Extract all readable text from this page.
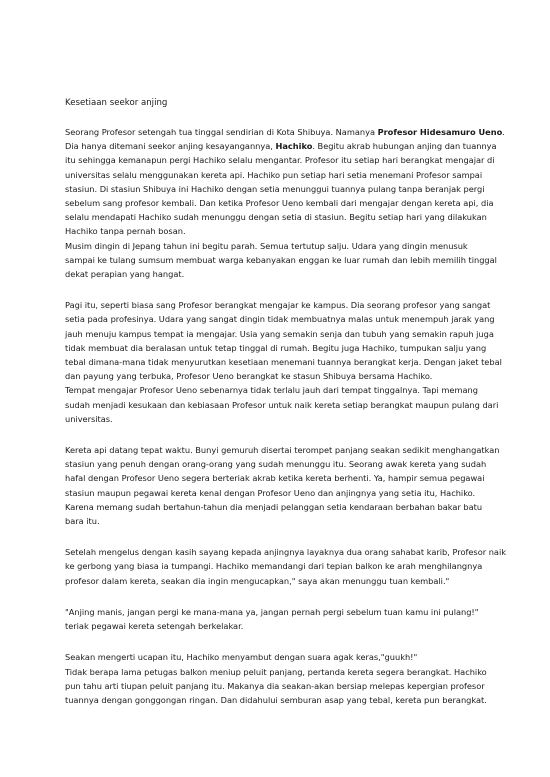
Kesetiaan seekor anjing

Seorang Profesor setengah tua tinggal sendirian di Kota Shibuya. Namanya Profesor Hidesamuro Ueno.
Dia hanya ditemani seekor anjing kesayangannya, Hachiko. Begitu akrab hubungan anjing dan tuannya
itu sehingga kemanapun pergi Hachiko selalu mengantar. Profesor itu setiap hari berangkat mengajar di
universitas selalu menggunakan kereta api. Hachiko pun setiap hari setia menemani Profesor sampai
stasiun. Di stasiun Shibuya ini Hachiko dengan setia menunggui tuannya pulang tanpa beranjak pergi
sebelum sang profesor kembali. Dan ketika Profesor Ueno kembali dari mengajar dengan kereta api, dia
selalu mendapati Hachiko sudah menunggu dengan setia di stasiun. Begitu setiap hari yang dilakukan
Hachiko tanpa pernah bosan.
Musim dingin di Jepang tahun ini begitu parah. Semua tertutup salju. Udara yang dingin menusuk
sampai ke tulang sumsum membuat warga kebanyakan enggan ke luar rumah dan lebih memilih tinggal
dekat perapian yang hangat.

Pagi itu, seperti biasa sang Profesor berangkat mengajar ke kampus. Dia seorang profesor yang sangat
setia pada profesinya. Udara yang sangat dingin tidak membuatnya malas untuk menempuh jarak yang
jauh menuju kampus tempat ia mengajar. Usia yang semakin senja dan tubuh yang semakin rapuh juga
tidak membuat dia beralasan untuk tetap tinggal di rumah. Begitu juga Hachiko, tumpukan salju yang
tebal dimana-mana tidak menyurutkan kesetiaan menemani tuannya berangkat kerja. Dengan jaket tebal
dan payung yang terbuka, Profesor Ueno berangkat ke stasun Shibuya bersama Hachiko.
Tempat mengajar Profesor Ueno sebenarnya tidak terlalu jauh dari tempat tinggalnya. Tapi memang
sudah menjadi kesukaan dan kebiasaan Profesor untuk naik kereta setiap berangkat maupun pulang dari
universitas.

Kereta api datang tepat waktu. Bunyi gemuruh disertai terompet panjang seakan sedikit menghangatkan
stasiun yang penuh dengan orang-orang yang sudah menunggu itu. Seorang awak kereta yang sudah
hafal dengan Profesor Ueno segera berteriak akrab ketika kereta berhenti. Ya, hampir semua pegawai
stasiun maupun pegawai kereta kenal dengan Profesor Ueno dan anjingnya yang setia itu, Hachiko.
Karena memang sudah bertahun-tahun dia menjadi pelanggan setia kendaraan berbahan bakar batu
bara itu.

Setelah mengelus dengan kasih sayang kepada anjingnya layaknya dua orang sahabat karib, Profesor naik
ke gerbong yang biasa ia tumpangi. Hachiko memandangi dari tepian balkon ke arah menghilangnya
profesor dalam kereta, seakan dia ingin mengucapkan," saya akan menunggu tuan kembali."

"Anjing manis, jangan pergi ke mana-mana ya, jangan pernah pergi sebelum tuan kamu ini pulang!"
teriak pegawai kereta setengah berkelakar.

Seakan mengerti ucapan itu, Hachiko menyambut dengan suara agak keras,"guukh!"
Tidak berapa lama petugas balkon meniup peluit panjang, pertanda kereta segera berangkat. Hachiko
pun tahu arti tiupan peluit panjang itu. Makanya dia seakan-akan bersiap melepas kepergian profesor
tuannya dengan gonggongan ringan. Dan didahului semburan asap yang tebal, kereta pun berangkat.
